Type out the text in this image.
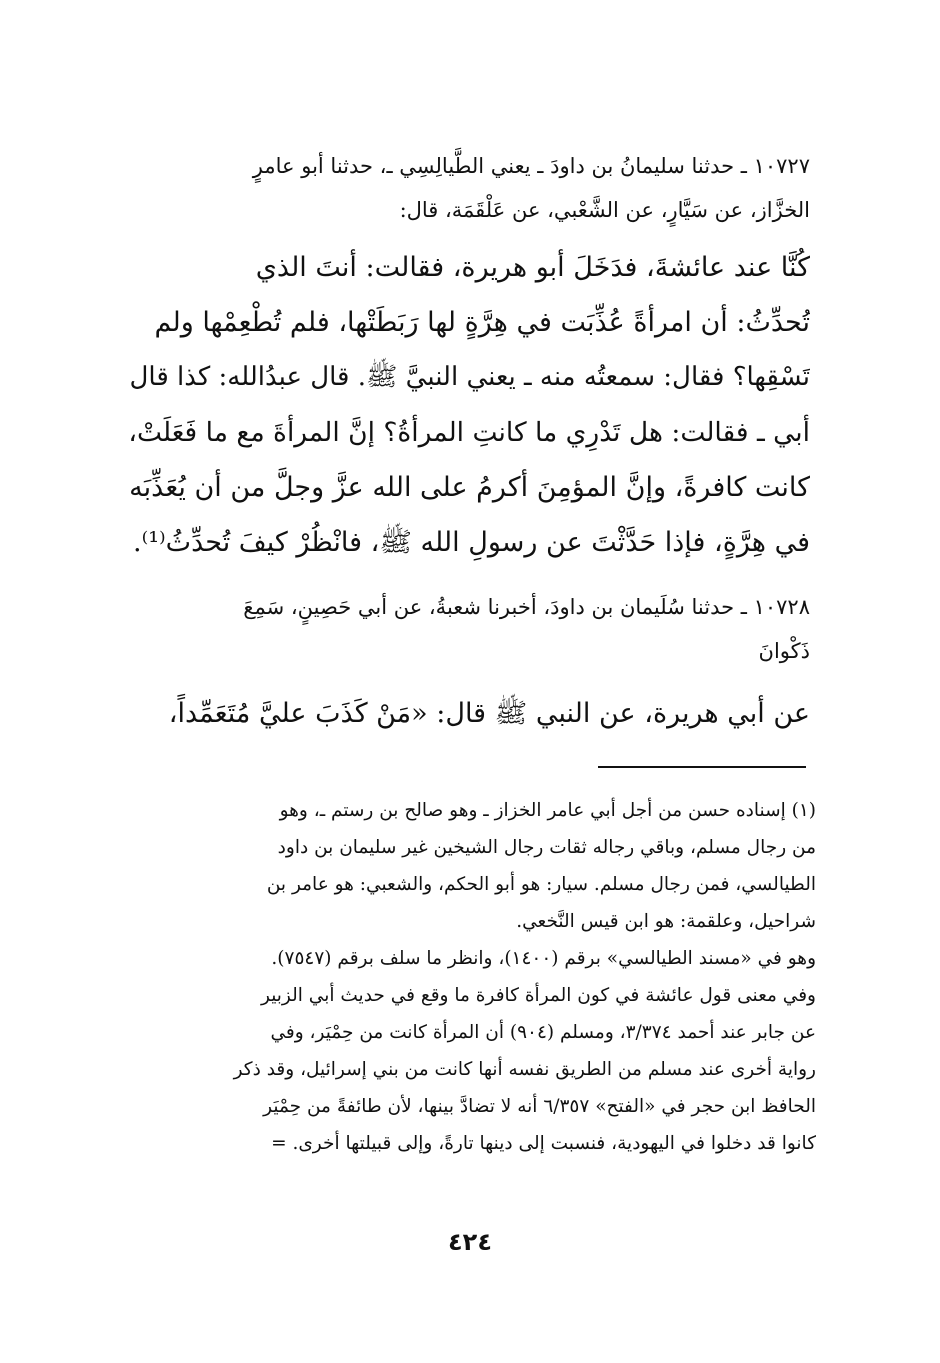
١٠٧٢٧ ـ حدثنا سليمانُ بن داودَ ـ يعني الطَّيالِسِي ـ، حدثنا أبو عامرٍ
الخزَّاز، عن سَيَّارٍ، عن الشَّعْبي، عن عَلْقَمَة، قال:
كُنَّا عند عائشةَ، فدَخَلَ أبو هريرة، فقالت: أنتَ الذي
تُحدِّثُ: أن امرأةً عُذِّبَت في هِرَّةٍ لها رَبَطَتْها، فلم تُطْعِمْها ولم
تَسْقِها؟ فقال: سمعتُه منه ـ يعني النبيَّ ﷺ. قال عبدُالله: كذا قال
أبي ـ فقالت: هل تَدْرِي ما كانتِ المرأةُ؟ إنَّ المرأةَ مع ما فَعَلَتْ،
كانت كافرةً، وإنَّ المؤمِنَ أكرمُ على الله عزَّ وجلَّ من أن يُعَذِّبَه
في هِرَّةٍ، فإذا حَدَّثْتَ عن رسولِ الله ﷺ، فانْظُرْ كيفَ تُحدِّثُ⁽¹⁾.
١٠٧٢٨ ـ حدثنا سُلَيمان بن داودَ، أخبرنا شعبةُ، عن أبي حَصِينٍ، سَمِعَ
ذَكْوانَ
عن أبي هريرة، عن النبي ﷺ قال: «مَنْ كَذَبَ عليَّ مُتَعَمِّداً،
(١) إسناده حسن من أجل أبي عامر الخزاز ـ وهو صالح بن رستم ـ، وهو
من رجال مسلم، وباقي رجاله ثقات رجال الشيخين غير سليمان بن داود
الطيالسي، فمن رجال مسلم. سيار: هو أبو الحكم، والشعبي: هو عامر بن
شراحيل، وعلقمة: هو ابن قيس النَّخعي.
وهو في «مسند الطيالسي» برقم (١٤٠٠)، وانظر ما سلف برقم (٧٥٤٧).
وفي معنى قول عائشة في كون المرأة كافرة ما وقع في حديث أبي الزبير
عن جابر عند أحمد ٣/٣٧٤، ومسلم (٩٠٤) أن المرأة كانت من حِمْيَر، وفي
رواية أخرى عند مسلم من الطريق نفسه أنها كانت من بني إسرائيل، وقد ذكر
الحافظ ابن حجر في «الفتح» ٦/٣٥٧ أنه لا تضادَّ بينها، لأن طائفةً من حِمْيَر
كانوا قد دخلوا في اليهودية، فنسبت إلى دينها تارةً، وإلى قبيلتها أخرى. =
٤٢٤
